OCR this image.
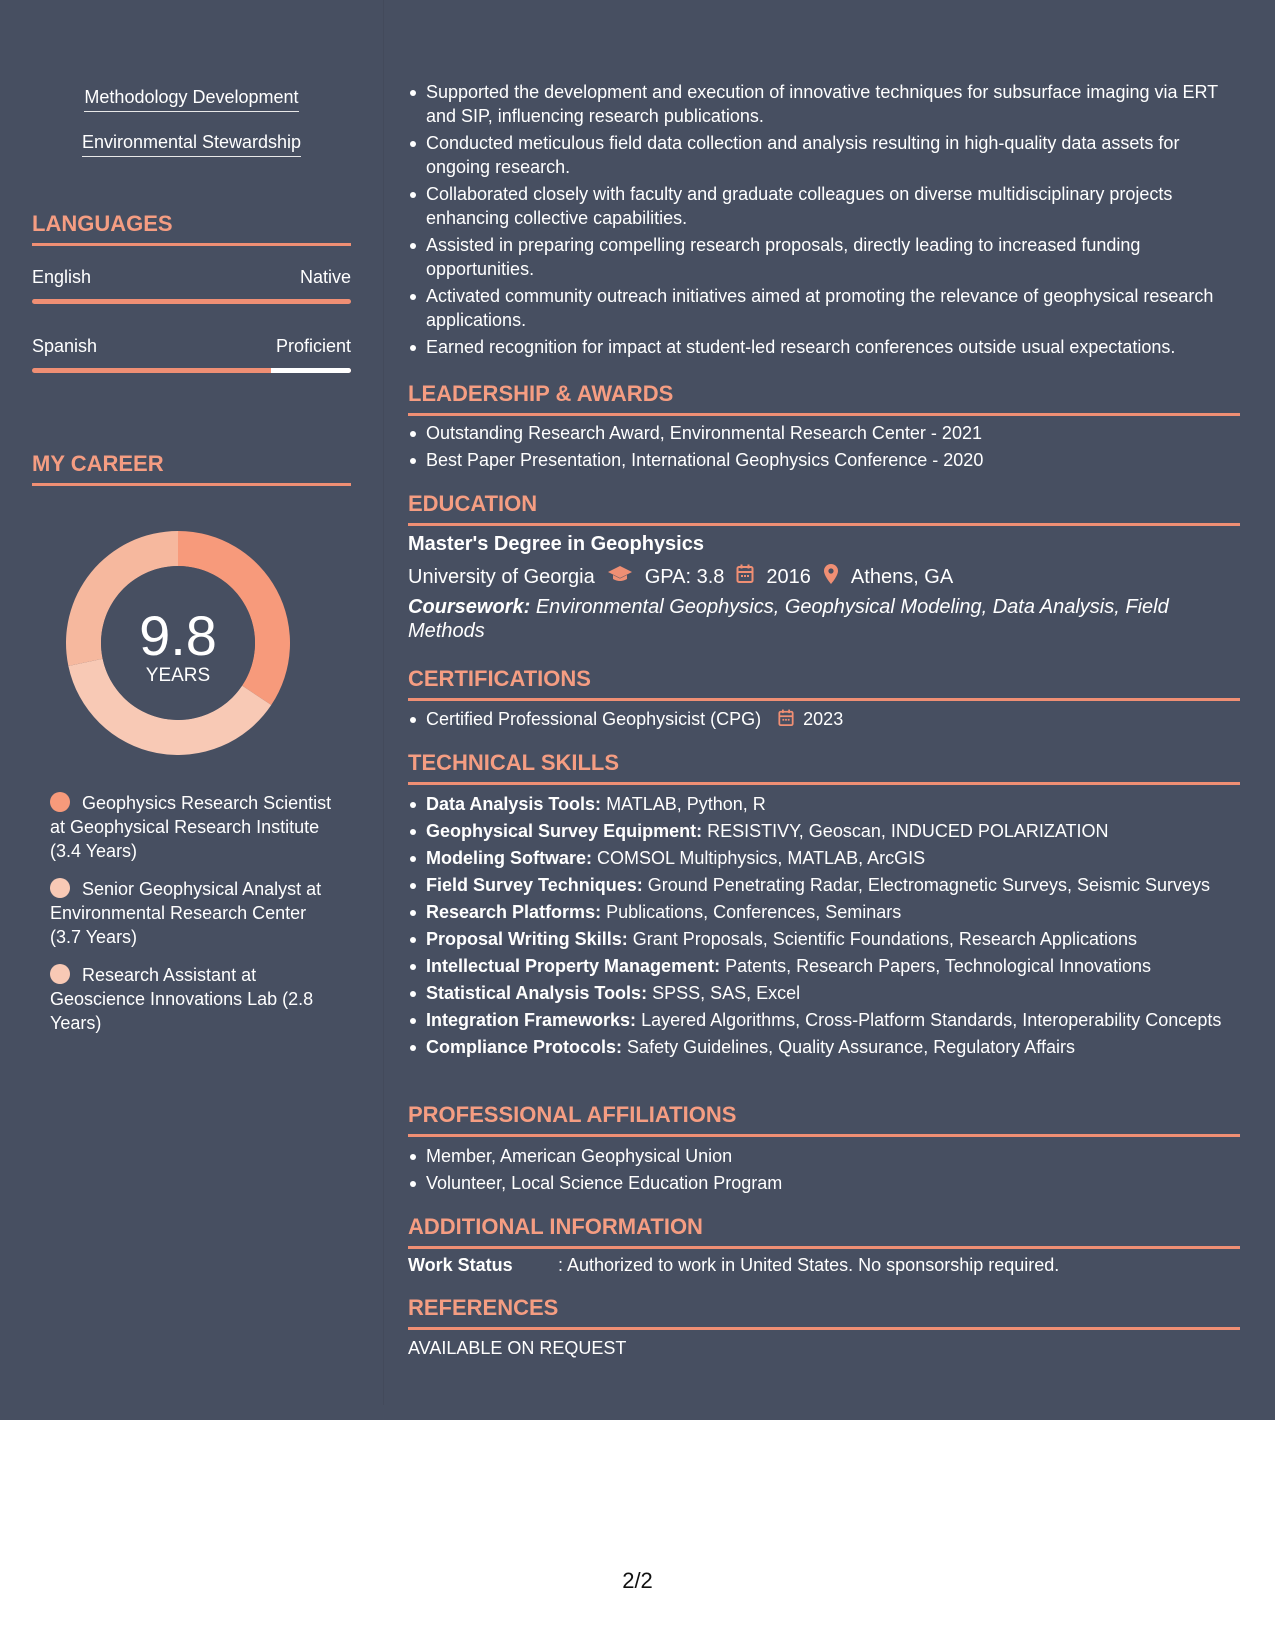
Methodology Development
Environmental Stewardship
LANGUAGES
English	Native
Spanish	Proficient
MY CAREER
9.8
YEARS
Geophysics Research Scientist at Geophysical Research Institute (3.4 Years)
Senior Geophysical Analyst at Environmental Research Center (3.7 Years)
Research Assistant at Geoscience Innovations Lab (2.8 Years)
Supported the development and execution of innovative techniques for subsurface imaging via ERT and SIP, influencing research publications.
Conducted meticulous field data collection and analysis resulting in high-quality data assets for ongoing research.
Collaborated closely with faculty and graduate colleagues on diverse multidisciplinary projects enhancing collective capabilities.
Assisted in preparing compelling research proposals, directly leading to increased funding opportunities.
Activated community outreach initiatives aimed at promoting the relevance of geophysical research applications.
Earned recognition for impact at student-led research conferences outside usual expectations.
LEADERSHIP & AWARDS
Outstanding Research Award, Environmental Research Center - 2021
Best Paper Presentation, International Geophysics Conference - 2020
EDUCATION
Master's Degree in Geophysics
University of Georgia	GPA: 3.8 2016 Athens, GA
Coursework: Environmental Geophysics, Geophysical Modeling, Data Analysis, Field Methods
CERTIFICATIONS
Certified Professional Geophysicist (CPG) 2023
TECHNICAL SKILLS
Data Analysis Tools: MATLAB, Python, R
Geophysical Survey Equipment: RESISTIVY, Geoscan, INDUCED POLARIZATION
Modeling Software: COMSOL Multiphysics, MATLAB, ArcGIS
Field Survey Techniques: Ground Penetrating Radar, Electromagnetic Surveys, Seismic Surveys
Research Platforms: Publications, Conferences, Seminars
Proposal Writing Skills: Grant Proposals, Scientific Foundations, Research Applications
Intellectual Property Management: Patents, Research Papers, Technological Innovations
Statistical Analysis Tools: SPSS, SAS, Excel
Integration Frameworks: Layered Algorithms, Cross-Platform Standards, Interoperability Concepts
Compliance Protocols: Safety Guidelines, Quality Assurance, Regulatory Affairs
PROFESSIONAL AFFILIATIONS
Member, American Geophysical Union
Volunteer, Local Science Education Program
ADDITIONAL INFORMATION
Work Status	: Authorized to work in United States. No sponsorship required.
REFERENCES
AVAILABLE ON REQUEST
2/2
